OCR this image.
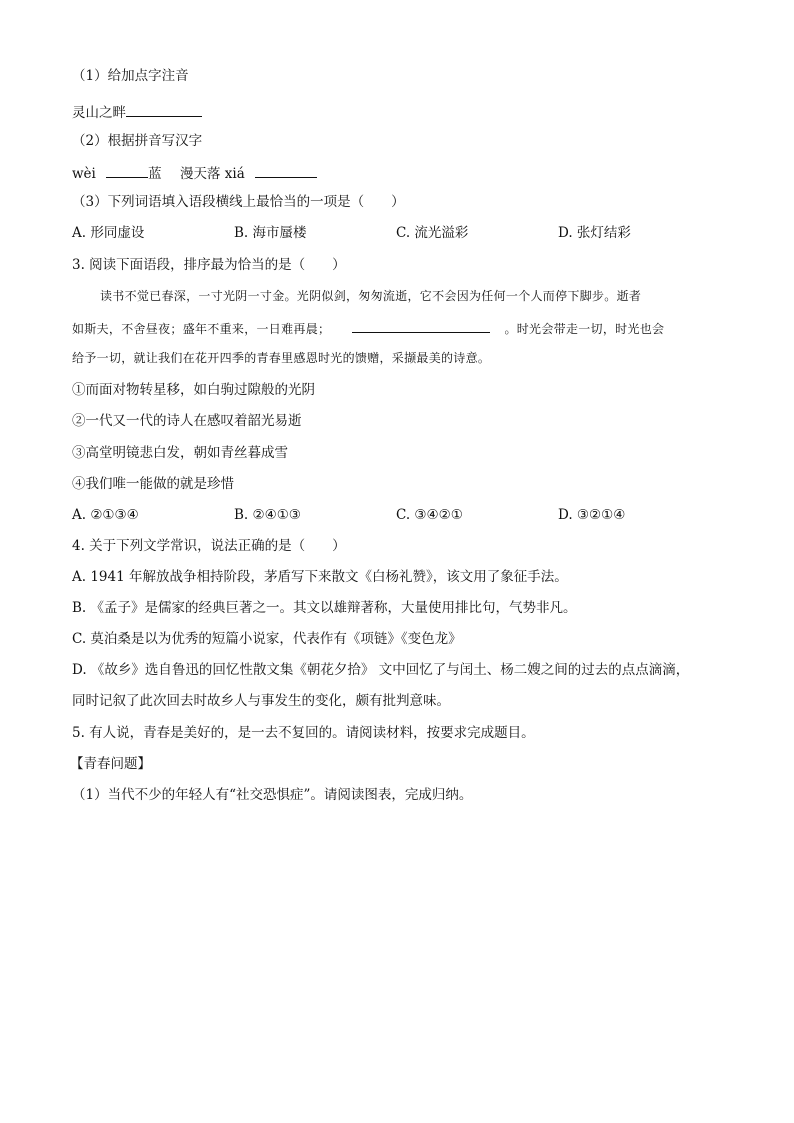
（1）给加点字注音
灵山之畔
（2）根据拼音写汉字
wèi	蓝 漫天落 xiá
（3）下列词语填入语段横线上最恰当的一项是（　　）
A. 形同虚设	B. 海市蜃楼	C. 流光溢彩	D. 张灯结彩
3. 阅读下面语段，排序最为恰当的是（　　）
读书不觉已春深，一寸光阴一寸金。光阴似剑，匆匆流逝，它不会因为任何一个人而停下脚步。逝者
如斯夫，不舍昼夜；盛年不重来，一日难再晨；	。时光会带走一切，时光也会
给予一切，就让我们在花开四季的青春里感恩时光的馈赠，采撷最美的诗意。
①而面对物转星移，如白驹过隙般的光阴
②一代又一代的诗人在感叹着韶光易逝
③高堂明镜悲白发，朝如青丝暮成雪
④我们唯一能做的就是珍惜
A. ②①③④	B. ②④①③	C. ③④②①	D. ③②①④
4. 关于下列文学常识，说法正确的是（　　）
A. 1941 年解放战争相持阶段，茅盾写下来散文《白杨礼赞》，该文用了象征手法。
B. 《孟子》是儒家的经典巨著之一。其文以雄辩著称，大量使用排比句，气势非凡。
C. 莫泊桑是以为优秀的短篇小说家，代表作有《项链》《变色龙》
D. 《故乡》选自鲁迅的回忆性散文集《朝花夕拾》 文中回忆了与闰土、杨二嫂之间的过去的点点滴滴，
同时记叙了此次回去时故乡人与事发生的变化，颇有批判意味。
5. 有人说，青春是美好的，是一去不复回的。请阅读材料，按要求完成题目。
【青春问题】
（1）当代不少的年轻人有“社交恐惧症”。请阅读图表，完成归纳。
